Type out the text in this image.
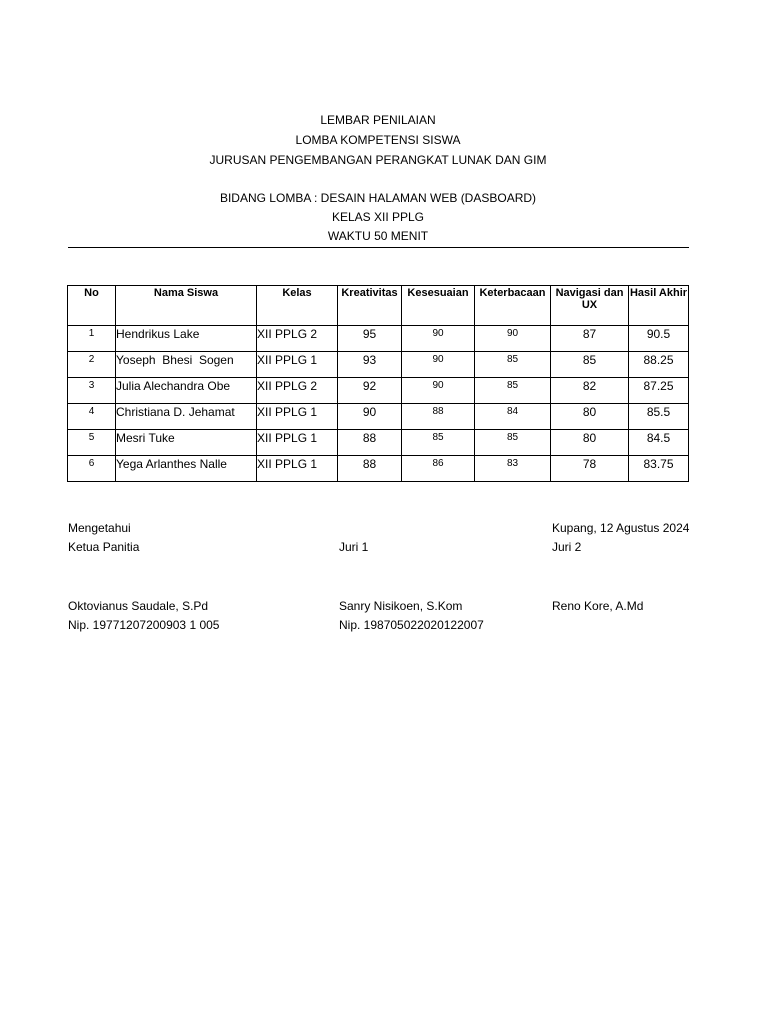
LEMBAR PENILAIAN
LOMBA KOMPETENSI SISWA
JURUSAN PENGEMBANGAN PERANGKAT LUNAK DAN GIM
BIDANG LOMBA : DESAIN HALAMAN WEB (DASBOARD)
KELAS XII PPLG
WAKTU 50 MENIT
No	Nama Siswa	Kelas	Kreativitas	Kesesuaian	Keterbacaan	Navigasi dan UX	Hasil Akhir
1	Hendrikus Lake	XII PPLG 2	95	90	90	87	90.5
2	Yoseph  Bhesi  Sogen	XII PPLG 1	93	90	85	85	88.25
3	Julia Alechandra Obe	XII PPLG 2	92	90	85	82	87.25
4	Christiana D. Jehamat	XII PPLG 1	90	88	84	80	85.5
5	Mesri Tuke	XII PPLG 1	88	85	85	80	84.5
6	Yega Arlanthes Nalle	XII PPLG 1	88	86	83	78	83.75
Mengetahui
Ketua Panitia
Oktovianus Saudale, S.Pd
Nip. 19771207200903 1 005
Juri 1
Sanry Nisikoen, S.Kom
Nip. 198705022020122007
Kupang, 12 Agustus 2024
Juri 2
Reno Kore, A.Md
